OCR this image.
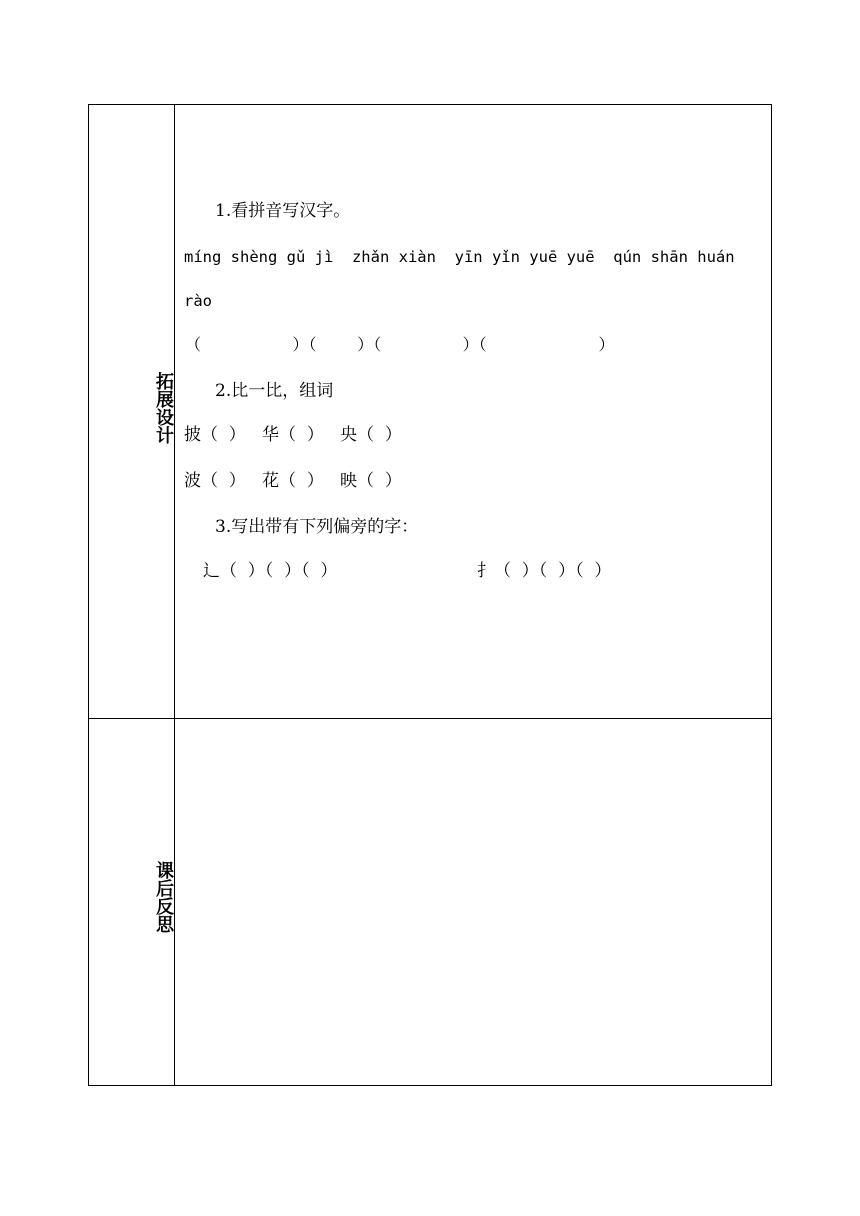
拓展设计
1.看拼音写汉字。
míng shèng gǔ jì  zhǎn xiàn  yīn yǐn yuē yuē  qún shān huán
rào
（                  ）（        ）（                ）（                      ）
2.比一比，组词
披（  ）   华（  ）   央（  ）
波（  ）   花（  ）   映（  ）
3.写出带有下列偏旁的字：
辶（  ）（  ）（  ）	扌（  ）（  ）（  ）
课后反思
